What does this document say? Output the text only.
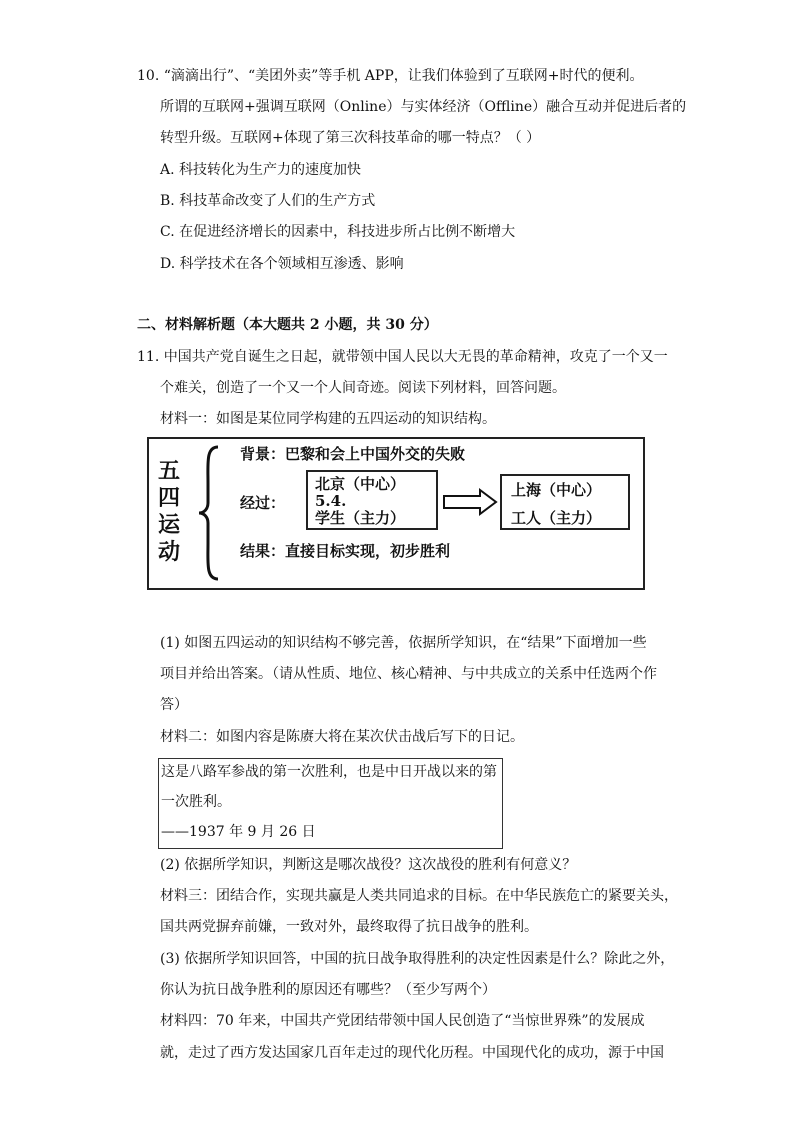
10. “滴滴出行”、“美团外卖”等手机 APP，让我们体验到了互联网+时代的便利。
所谓的互联网+强调互联网（Online）与实体经济（Offline）融合互动并促进后者的
转型升级。互联网+体现了第三次科技革命的哪一特点？（ ）
A. 科技转化为生产力的速度加快
B. 科技革命改变了人们的生产方式
C. 在促进经济增长的因素中，科技进步所占比例不断增大
D. 科学技术在各个领域相互渗透、影响
二、材料解析题（本大题共 2 小题，共 30 分）
11. 中国共产党自诞生之日起，就带领中国人民以大无畏的革命精神，攻克了一个又一
个难关，创造了一个又一个人间奇迹。阅读下列材料，回答问题。
材料一：如图是某位同学构建的五四运动的知识结构。
五
四
运
动
背景：巴黎和会上中国外交的失败
经过：
北京（中心）
5.4.
学生（主力）
上海（中心）
工人（主力）
结果：直接目标实现，初步胜利
(1) 如图五四运动的知识结构不够完善，依据所学知识，在“结果”下面增加一些
项目并给出答案。（请从性质、地位、核心精神、与中共成立的关系中任选两个作
答）
材料二：如图内容是陈赓大将在某次伏击战后写下的日记。
这是八路军参战的第一次胜利，也是中日开战以来的第
一次胜利。
——1937 年 9 月 26 日
(2) 依据所学知识，判断这是哪次战役？这次战役的胜利有何意义？
材料三：团结合作，实现共赢是人类共同追求的目标。在中华民族危亡的紧要关头，
国共两党摒弃前嫌，一致对外，最终取得了抗日战争的胜利。
(3) 依据所学知识回答，中国的抗日战争取得胜利的决定性因素是什么？除此之外，
你认为抗日战争胜利的原因还有哪些？（至少写两个）
材料四：70 年来，中国共产党团结带领中国人民创造了“当惊世界殊”的发展成
就，走过了西方发达国家几百年走过的现代化历程。中国现代化的成功，源于中国
